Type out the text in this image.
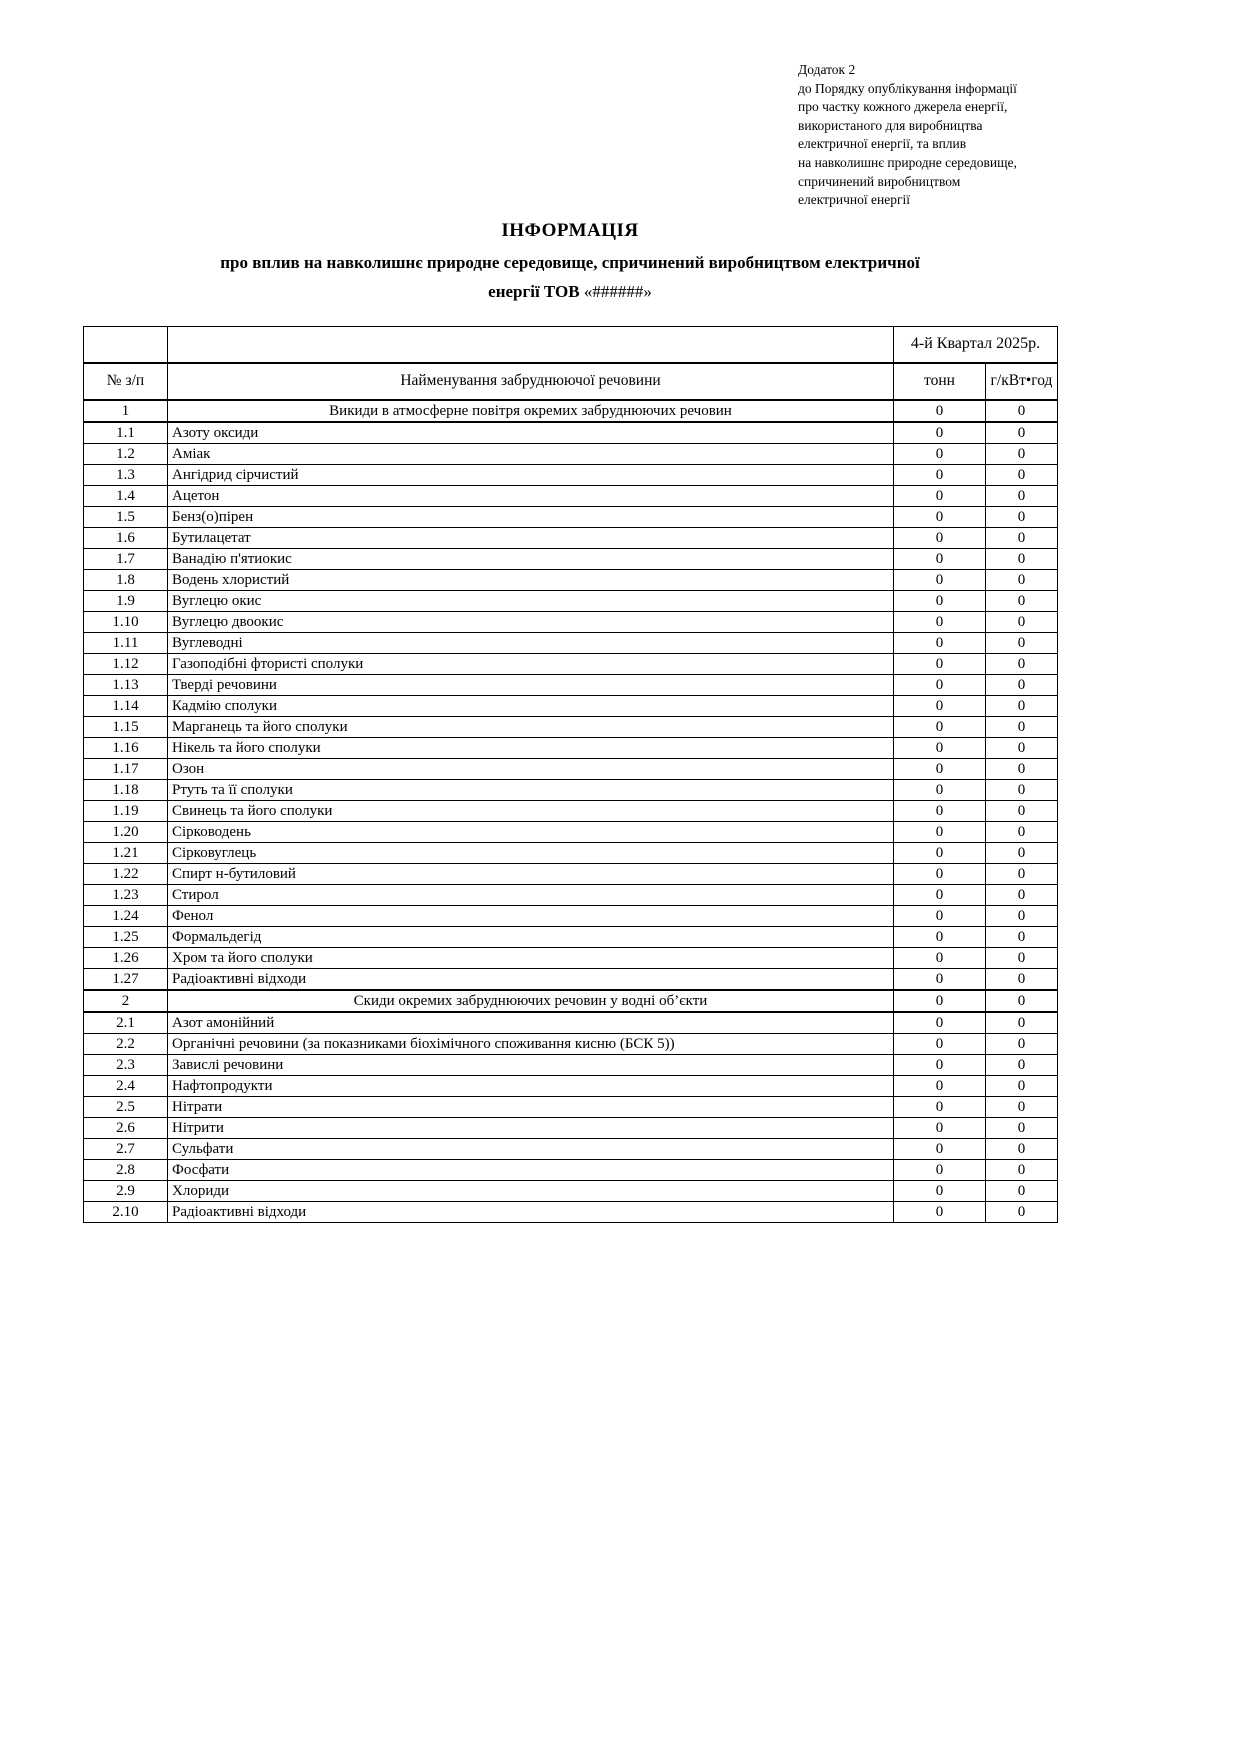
Додаток 2
до Порядку опублікування інформації
про частку кожного джерела енергії,
використаного для виробництва
електричної енергії, та вплив
на навколишнє природне середовище,
спричинений виробництвом
електричної енергії
ІНФОРМАЦІЯ
про вплив на навколишнє природне середовище, спричинений виробництвом електричної
енергії ТОВ «######»
		4-й Квартал 2025р.	
№ з/п	Найменування забруднюючої речовини	тонн	г/кВт•год
1	Викиди в атмосферне повітря окремих забруднюючих речовин	0	0
1.1	Азоту оксиди	0	0
1.2	Аміак	0	0
1.3	Ангідрид сірчистий	0	0
1.4	Ацетон	0	0
1.5	Бенз(о)пірен	0	0
1.6	Бутилацетат	0	0
1.7	Ванадію п'ятиокис	0	0
1.8	Водень хлористий	0	0
1.9	Вуглецю окис	0	0
1.10	Вуглецю двоокис	0	0
1.11	Вуглеводні	0	0
1.12	Газоподібні фтористі сполуки	0	0
1.13	Тверді речовини	0	0
1.14	Кадмію сполуки	0	0
1.15	Марганець та його сполуки	0	0
1.16	Нікель та його сполуки	0	0
1.17	Озон	0	0
1.18	Ртуть та її сполуки	0	0
1.19	Свинець та його сполуки	0	0
1.20	Сірководень	0	0
1.21	Сірковуглець	0	0
1.22	Спирт н-бутиловий	0	0
1.23	Стирол	0	0
1.24	Фенол	0	0
1.25	Формальдегід	0	0
1.26	Хром та його сполуки	0	0
1.27	Радіоактивні відходи	0	0
2	Скиди окремих забруднюючих речовин у водні об’єкти	0	0
2.1	Азот амонійний	0	0
2.2	Органічні речовини (за показниками біохімічного споживання кисню (БСК 5))	0	0
2.3	Завислі речовини	0	0
2.4	Нафтопродукти	0	0
2.5	Нітрати	0	0
2.6	Нітрити	0	0
2.7	Сульфати	0	0
2.8	Фосфати	0	0
2.9	Хлориди	0	0
2.10	Радіоактивні відходи	0	0
